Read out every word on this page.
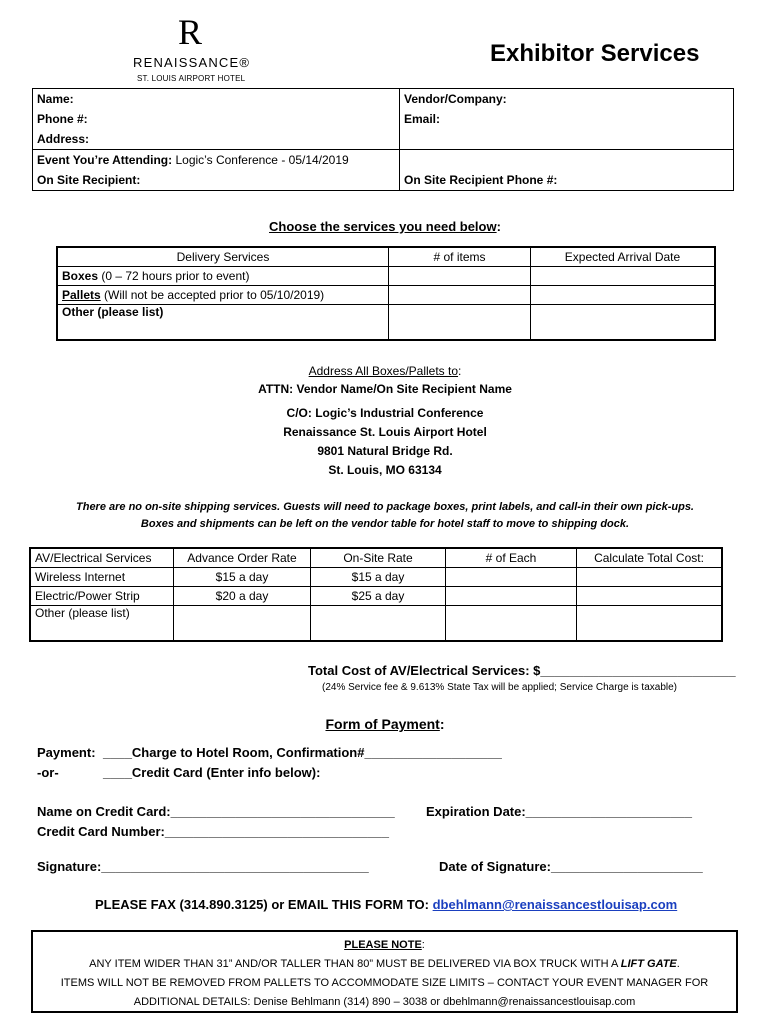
R
RENAISSANCE®
ST. LOUIS AIRPORT HOTEL
Exhibitor Services
Name:	Vendor/Company:
Phone #:	Email:
Address:	
Event You’re Attending: Logic’s Conference - 05/14/2019	
On Site Recipient:	On Site Recipient Phone #:
Choose the services you need below:
Delivery Services	# of items	Expected Arrival Date
Boxes (0 – 72 hours prior to event)		
Pallets (Will not be accepted prior to 05/10/2019)		
Other (please list)		
Address All Boxes/Pallets to:
ATTN: Vendor Name/On Site Recipient Name
C/O: Logic’s Industrial Conference
Renaissance St. Louis Airport Hotel
9801 Natural Bridge Rd.
St. Louis, MO 63134
There are no on-site shipping services. Guests will need to package boxes, print labels, and call-in their own pick-ups.
Boxes and shipments can be left on the vendor table for hotel staff to move to shipping dock.
AV/Electrical Services	Advance Order Rate	On-Site Rate	# of Each	Calculate Total Cost:
Wireless Internet	$15 a day	$15 a day		
Electric/Power Strip	$20 a day	$25 a day		
Other (please list)				
Total Cost of AV/Electrical Services: $___________________________
(24% Service fee & 9.613% State Tax will be applied; Service Charge is taxable)
Form of Payment:
Payment: ____Charge to Hotel Room, Confirmation#___________________
-or-	____Credit Card (Enter info below):
Name on Credit Card:_______________________________ Expiration Date:_______________________
Credit Card Number:_______________________________
Signature:_____________________________________	Date of Signature:_____________________
PLEASE FAX (314.890.3125) or EMAIL THIS FORM TO: dbehlmann@renaissancestlouisap.com
PLEASE NOTE:
ANY ITEM WIDER THAN 31” AND/OR TALLER THAN 80” MUST BE DELIVERED VIA BOX TRUCK WITH A LIFT GATE.
ITEMS WILL NOT BE REMOVED FROM PALLETS TO ACCOMMODATE SIZE LIMITS – CONTACT YOUR EVENT MANAGER FOR
ADDITIONAL DETAILS: Denise Behlmann (314) 890 – 3038 or dbehlmann@renaissancestlouisap.com
